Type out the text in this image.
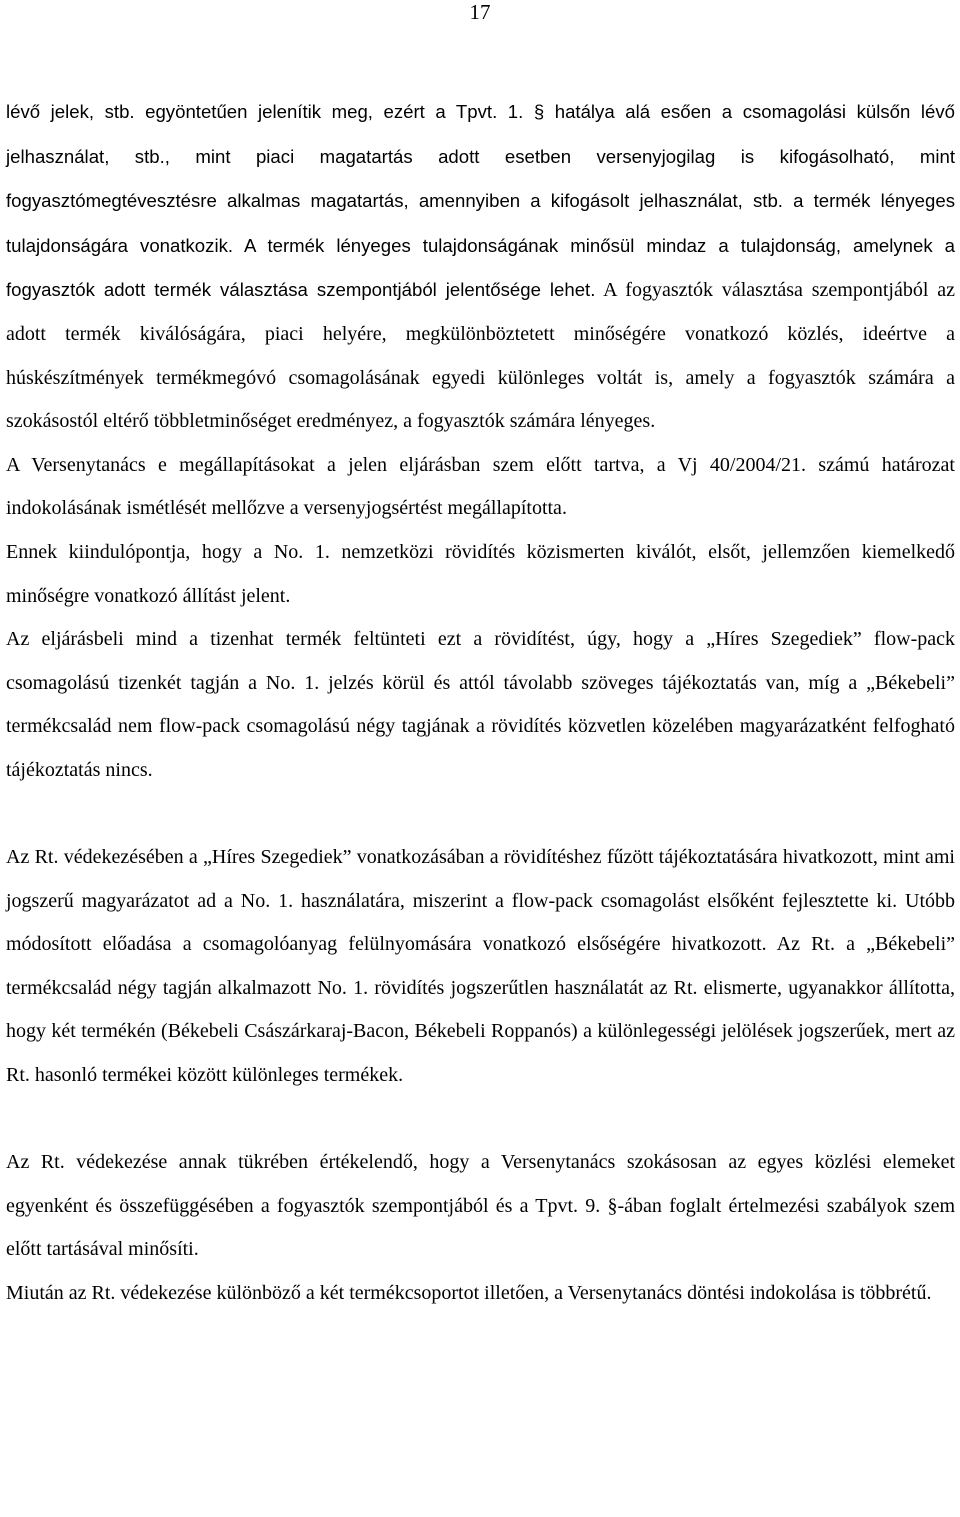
17

lévő jelek, stb. egyöntetűen jelenítik meg, ezért a Tpvt. 1. § hatálya alá esően a csomagolási külsőn lévő jelhasználat, stb., mint piaci magatartás adott esetben versenyjogilag is kifogásolható, mint fogyasztómegtévesztésre alkalmas magatartás, amennyiben a kifogásolt jelhasználat, stb. a termék lényeges tulajdonságára vonatkozik. A termék lényeges tulajdonságának minősül mindaz a tulajdonság, amelynek a fogyasztók adott termék választása szempontjából jelentősége lehet. A fogyasztók választása szempontjából az adott termék kiválóságára, piaci helyére, megkülönböztetett minőségére vonatkozó közlés, ideértve a húskészítmények termékmegóvó csomagolásának egyedi különleges voltát is, amely a fogyasztók számára a szokásostól eltérő többletminőséget eredményez, a fogyasztók számára lényeges.

A Versenytanács e megállapításokat a jelen eljárásban szem előtt tartva, a Vj 40/2004/21. számú határozat indokolásának ismétlését mellőzve a versenyjogsértést megállapította.

Ennek kiindulópontja, hogy a No. 1. nemzetközi rövidítés közismerten kiválót, elsőt, jellemzően kiemelkedő minőségre vonatkozó állítást jelent.

Az eljárásbeli mind a tizenhat termék feltünteti ezt a rövidítést, úgy, hogy a „Híres Szegediek” flow-pack csomagolású tizenkét tagján a No. 1. jelzés körül és attól távolabb szöveges tájékoztatás van, míg a „Békebeli” termékcsalád nem flow-pack csomagolású négy tagjának a rövidítés közvetlen közelében magyarázatként felfogható tájékoztatás nincs.

Az Rt. védekezésében a „Híres Szegediek” vonatkozásában a rövidítéshez fűzött tájékoztatására hivatkozott, mint ami jogszerű magyarázatot ad a No. 1. használatára, miszerint a flow-pack csomagolást elsőként fejlesztette ki. Utóbb módosított előadása a csomagolóanyag felülnyomására vonatkozó elsőségére hivatkozott. Az Rt. a „Békebeli” termékcsalád négy tagján alkalmazott No. 1. rövidítés jogszerűtlen használatát az Rt. elismerte, ugyanakkor állította, hogy két termékén (Békebeli Császárkaraj-Bacon, Békebeli Roppanós) a különlegességi jelölések jogszerűek, mert az Rt. hasonló termékei között különleges termékek.

Az Rt. védekezése annak tükrében értékelendő, hogy a Versenytanács szokásosan az egyes közlési elemeket egyenként és összefüggésében a fogyasztók szempontjából és a Tpvt. 9. §-ában foglalt értelmezési szabályok szem előtt tartásával minősíti.

Miután az Rt. védekezése különböző a két termékcsoportot illetően, a Versenytanács döntési indokolása is többrétű.
